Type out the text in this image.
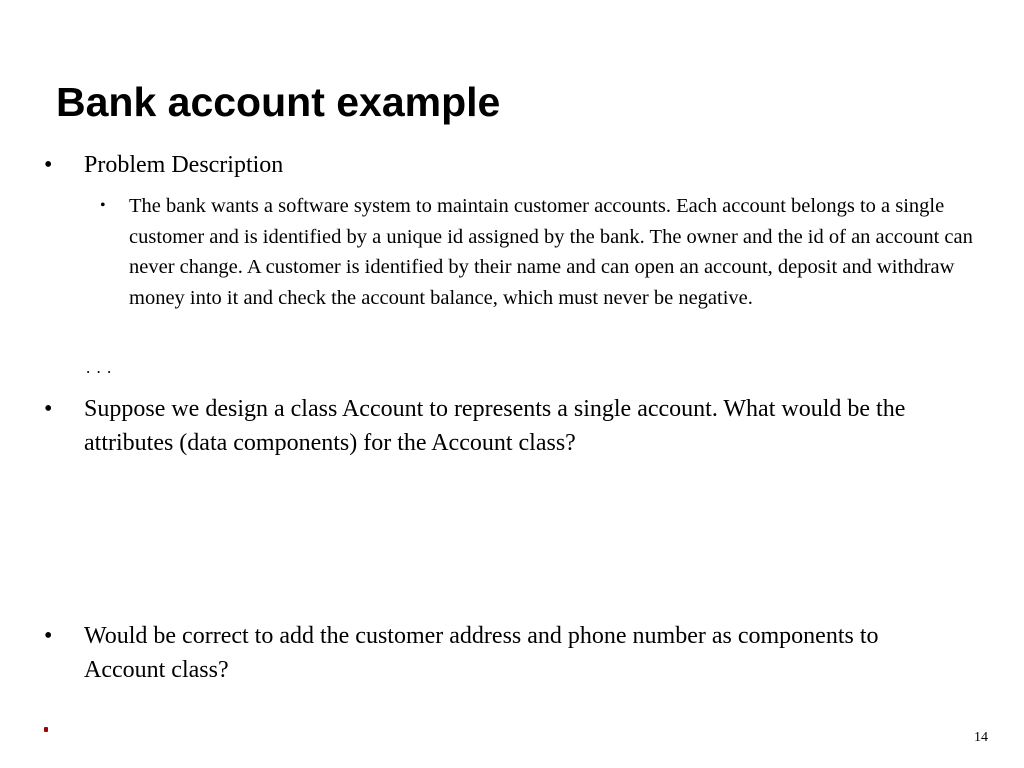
Bank account example
• Problem Description
• The bank wants a software system to maintain customer accounts. Each account belongs to a single customer and is identified by a unique id assigned by the bank. The owner and the id of an account can never change. A customer is identified by their name and can open an account, deposit and withdraw money into it and check the account balance, which must never be negative.
. . .
• Suppose we design a class Account to represents a single account. What would be the attributes (data components) for the Account class?
• Would be correct to add the customer address and phone number as components to Account class?
14
